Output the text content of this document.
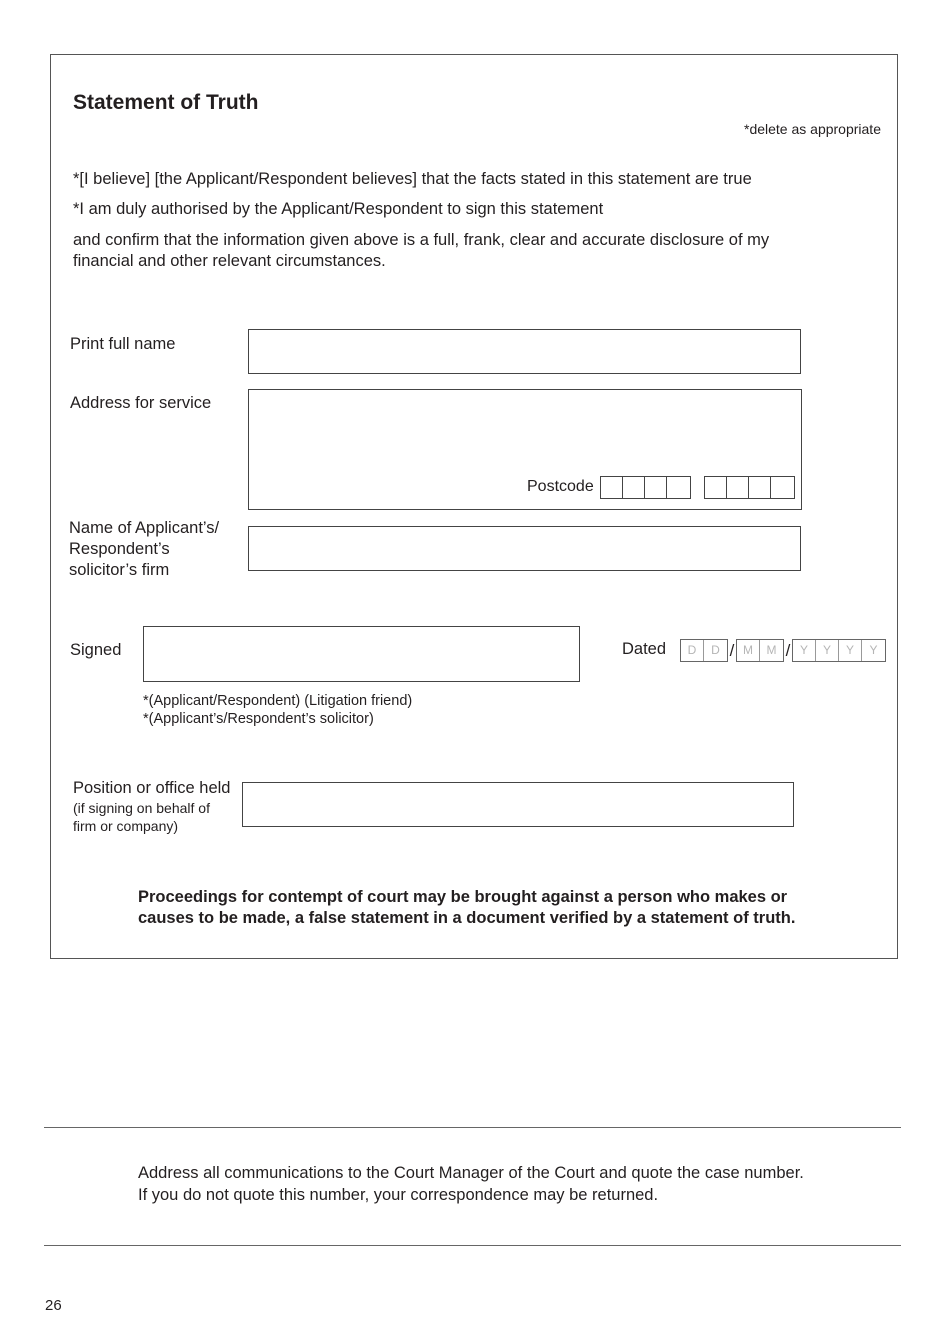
Statement of Truth
*delete as appropriate
*[I believe] [the Applicant/Respondent believes] that the facts stated in this statement are true
*I am duly authorised by the Applicant/Respondent to sign this statement
and confirm that the information given above is a full, frank, clear and accurate disclosure of my
financial and other relevant circumstances.
Print full name
Address for service
Postcode
Name of Applicant’s/
Respondent’s
solicitor’s firm
Signed
*(Applicant/Respondent) (Litigation friend)
*(Applicant’s/Respondent’s solicitor)
Dated	D	D / M	M / Y	Y	Y	Y
Position or office held
(if signing on behalf of
firm or company)
Proceedings for contempt of court may be brought against a person who makes or
causes to be made, a false statement in a document verified by a statement of truth.
Address all communications to the Court Manager of the Court and quote the case number.
If you do not quote this number, your correspondence may be returned.
26
